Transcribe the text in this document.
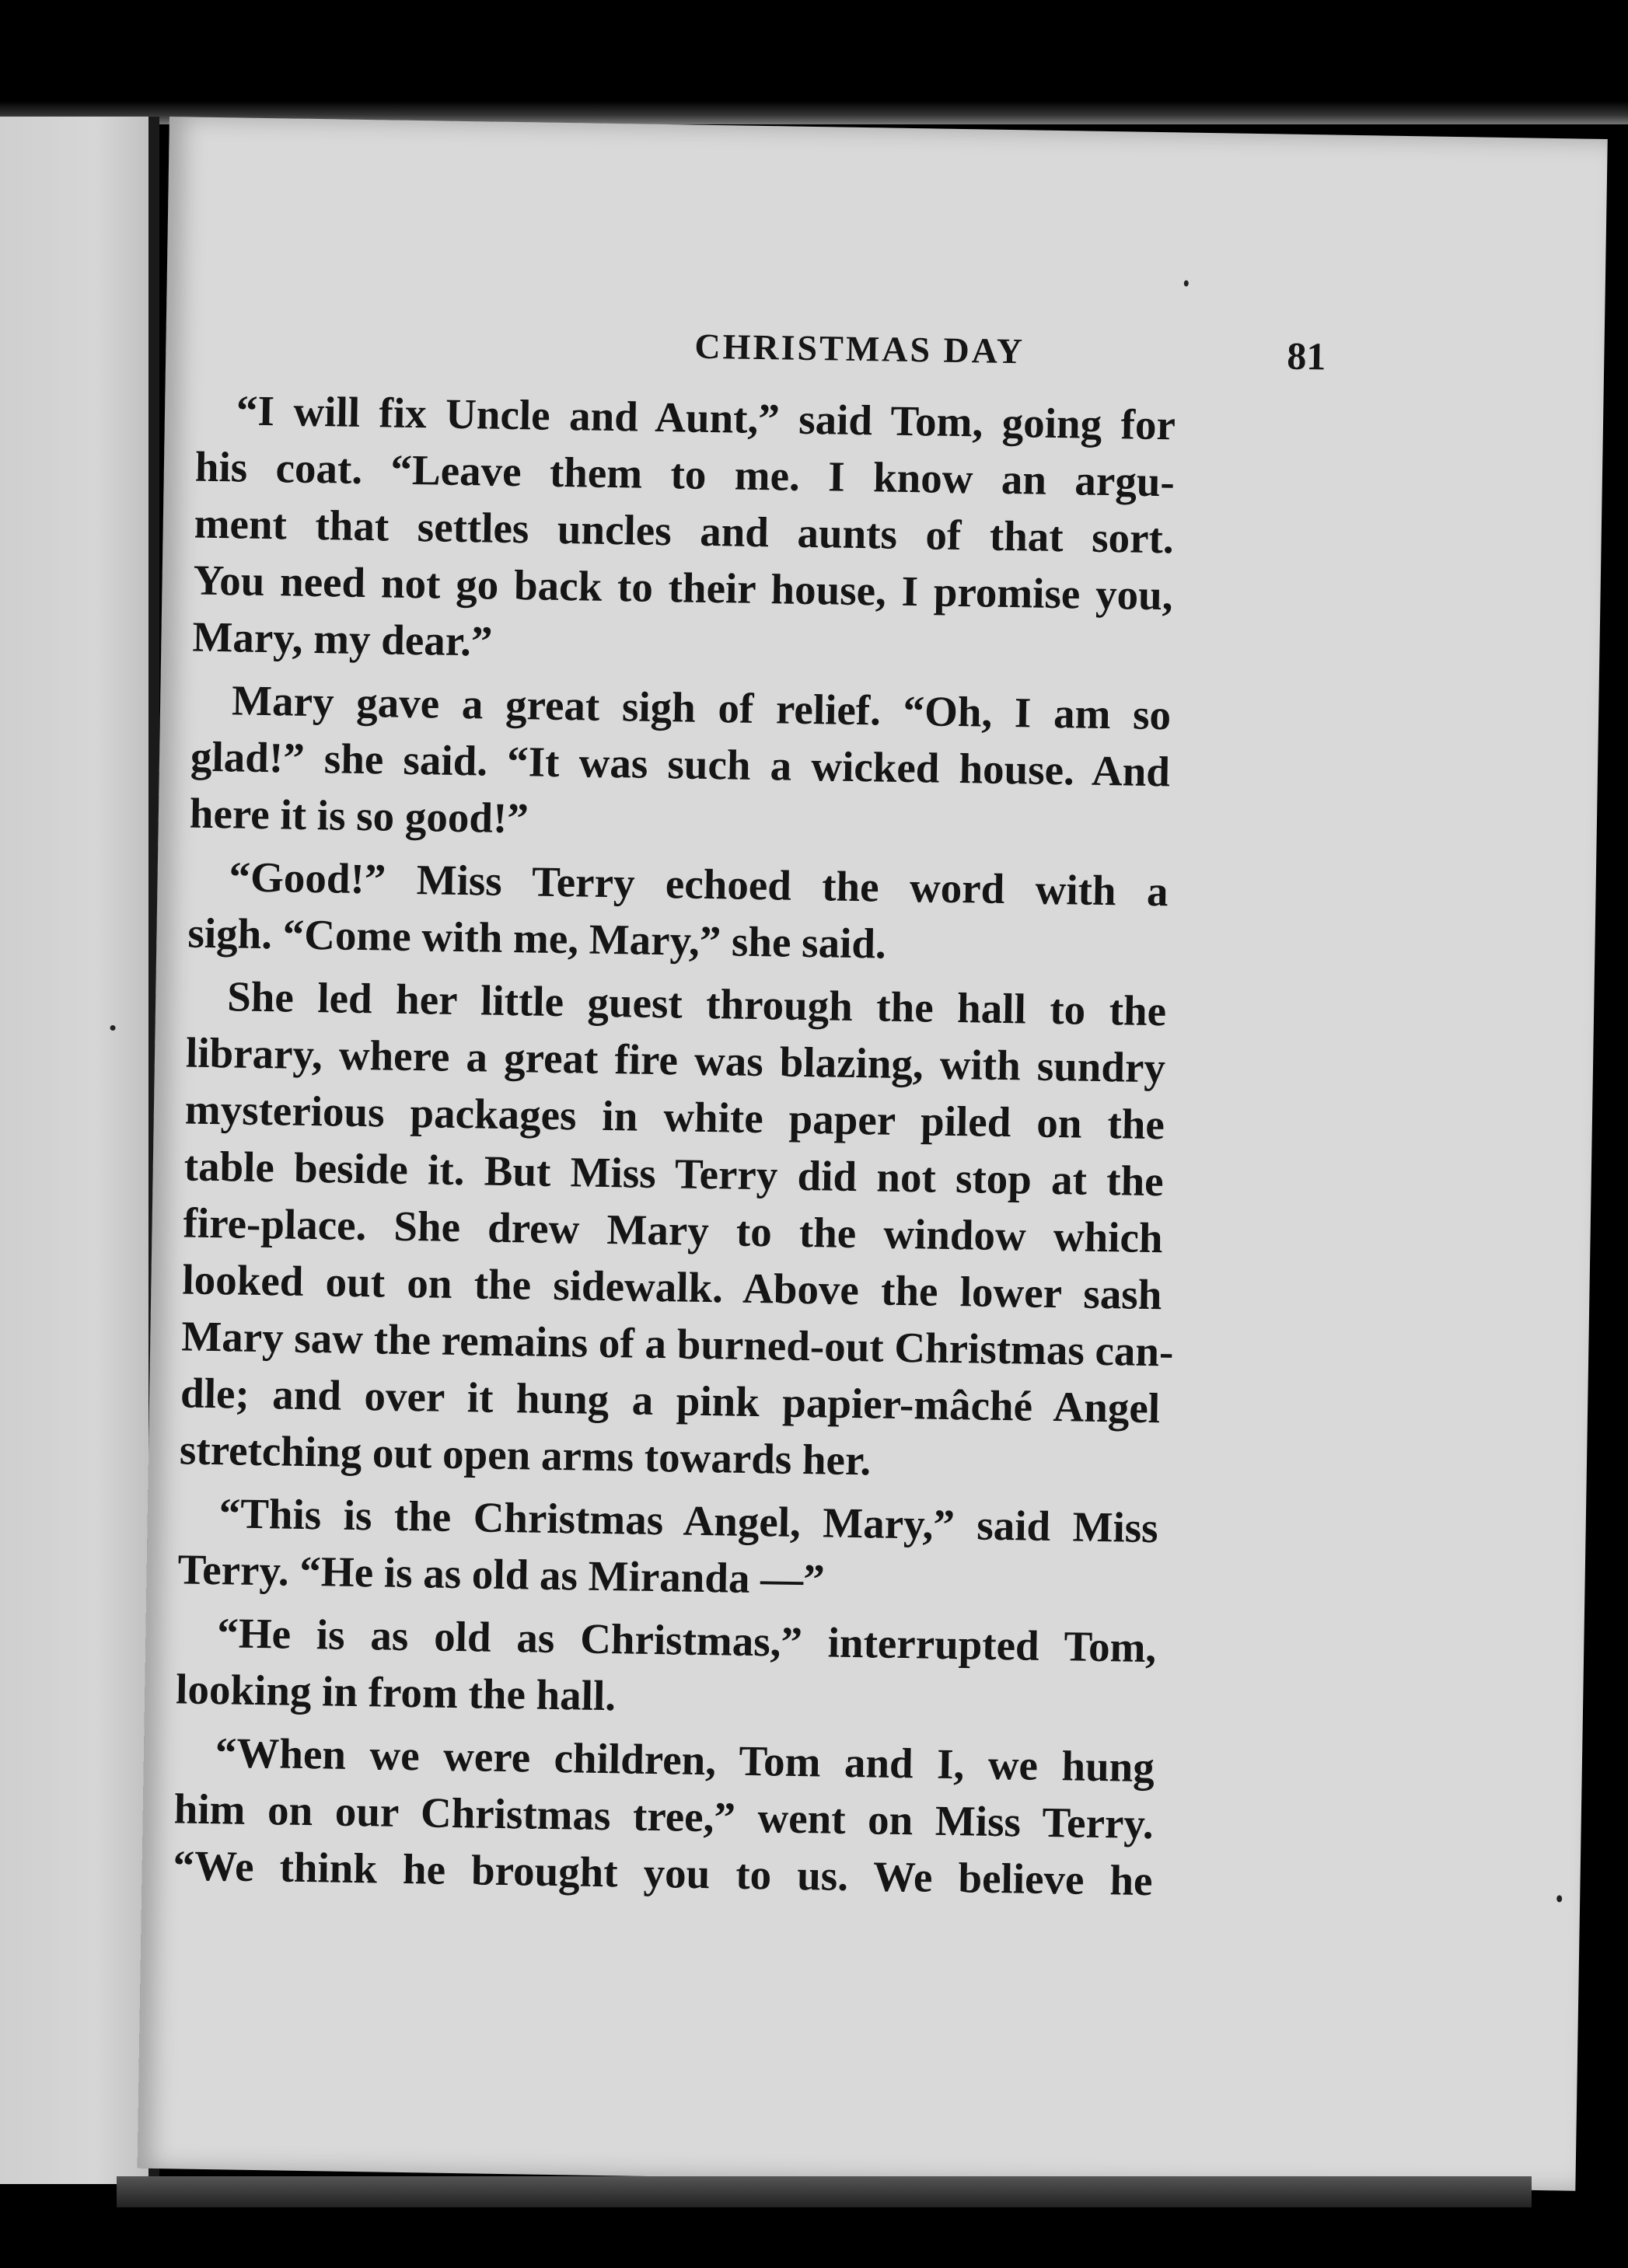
CHRISTMAS DAY	81

“I will fix Uncle and Aunt,” said Tom, going for
his coat. “Leave them to me. I know an argu-
ment that settles uncles and aunts of that sort.
You need not go back to their house, I promise you,
Mary, my dear.”

Mary gave a great sigh of relief. “Oh, I am so
glad!” she said. “It was such a wicked house. And
here it is so good!”

“Good!” Miss Terry echoed the word with a
sigh. “Come with me, Mary,” she said.

She led her little guest through the hall to the
library, where a great fire was blazing, with sundry
mysterious packages in white paper piled on the
table beside it. But Miss Terry did not stop at the
fire-place. She drew Mary to the window which
looked out on the sidewalk. Above the lower sash
Mary saw the remains of a burned-out Christmas can-
dle; and over it hung a pink papier-mâché Angel
stretching out open arms towards her.

“This is the Christmas Angel, Mary,” said Miss
Terry. “He is as old as Miranda —”

“He is as old as Christmas,” interrupted Tom,
looking in from the hall.

“When we were children, Tom and I, we hung
him on our Christmas tree,” went on Miss Terry.
“We think he brought you to us. We believe he
